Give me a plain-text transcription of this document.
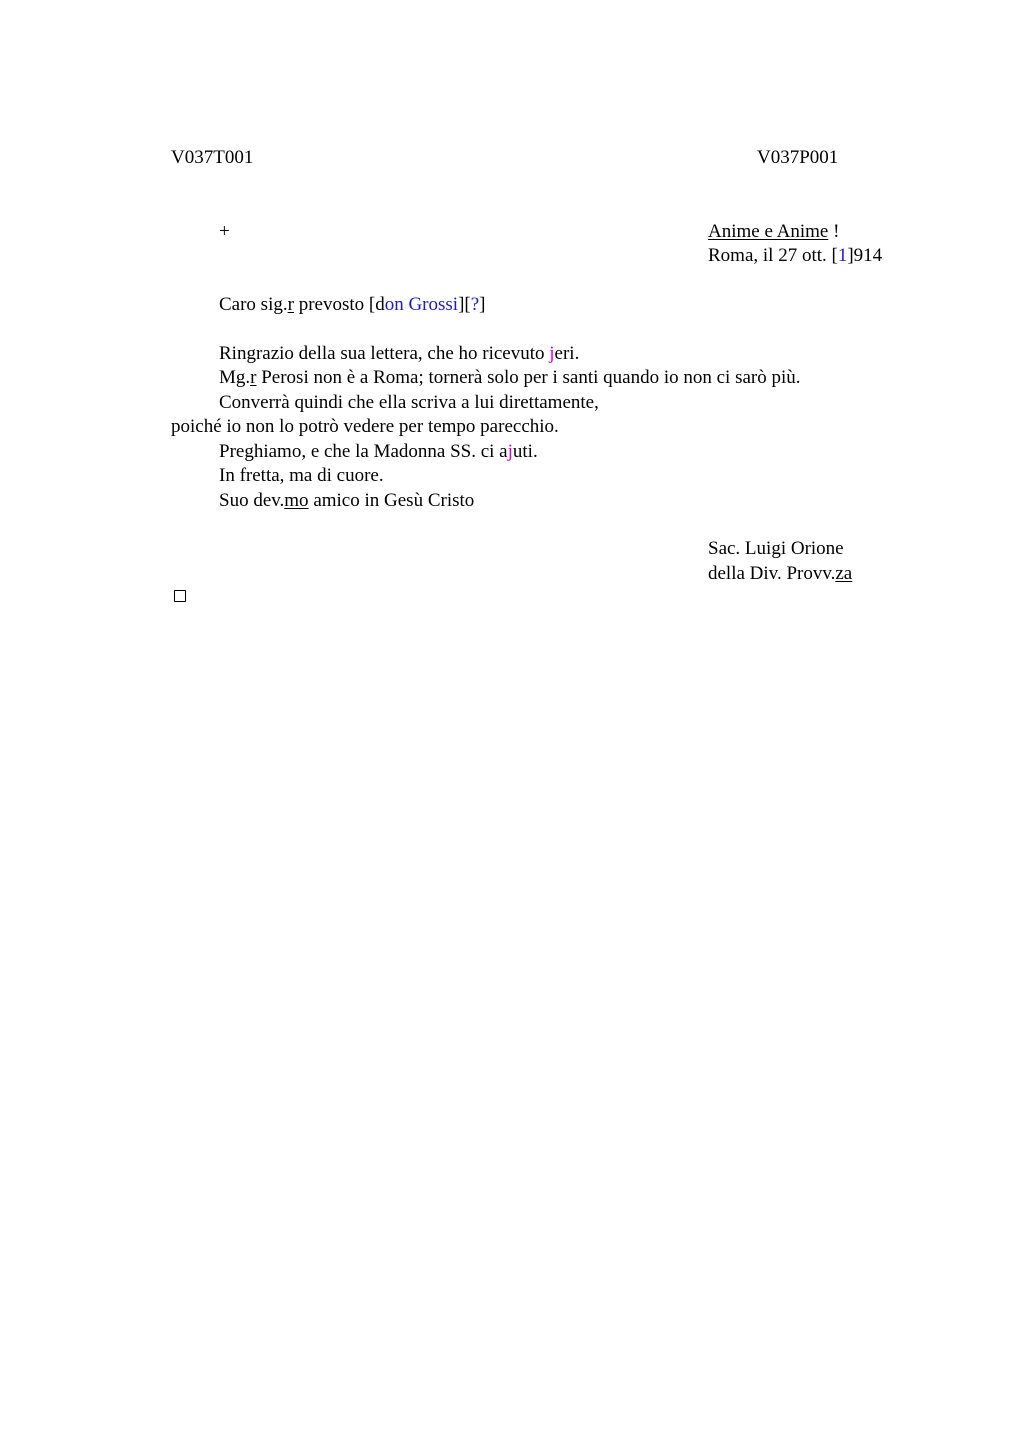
V037T001	V037P001
+	Animе e Anime !
Roma, il 27 ott. [1]914
Caro sig.r prevosto [don Grossi][?]
Ringrazio della sua lettera, che ho ricevuto jeri.
Mg.r Perosi non è a Roma; tornerà solo per i santi quando io non ci sarò più.
Converrà quindi che ella scriva a lui direttamente,
poiché io non lo potrò vedere per tempo parecchio.
Preghiamo, e che la Madonna SS. ci ajuti.
In fretta, ma di cuore.
Suo dev.mo amico in Gesù Cristo
Sac. Luigi Orione
della Div. Provv.za
